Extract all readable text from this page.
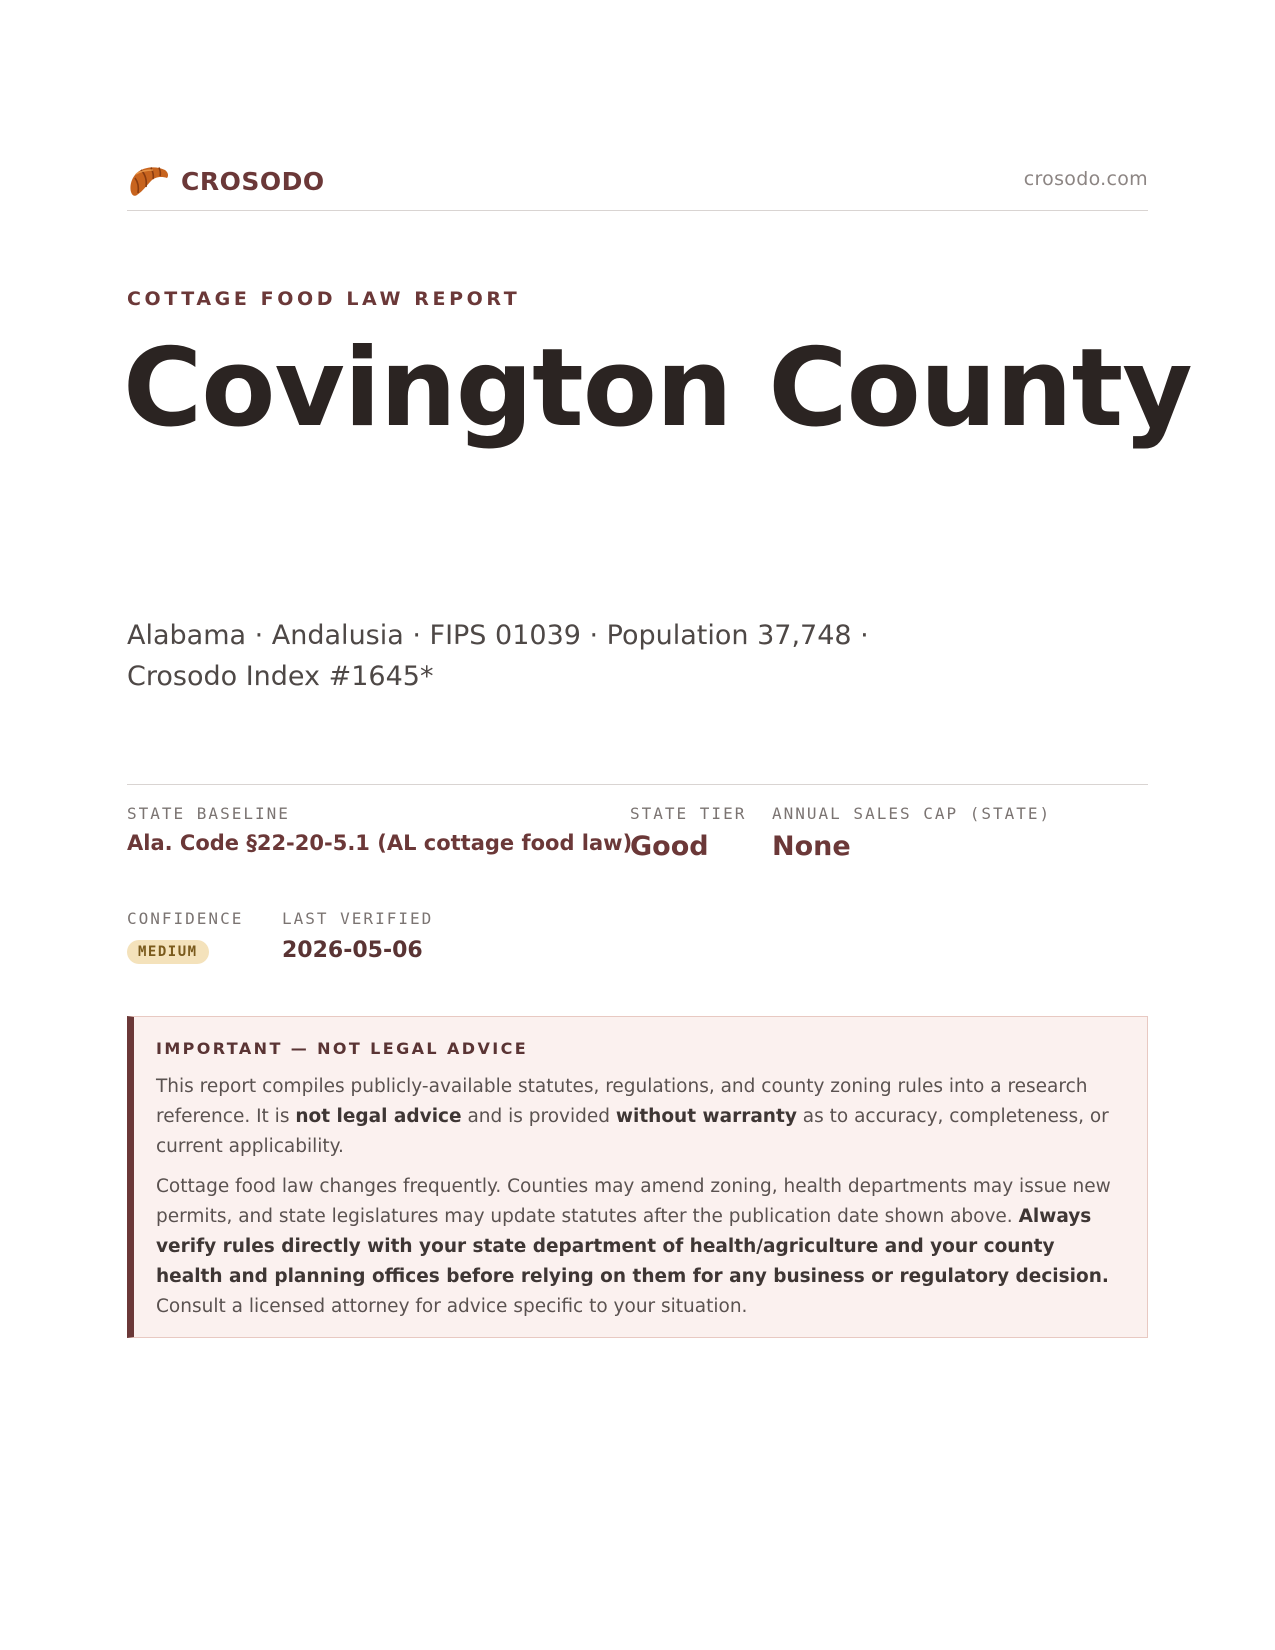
CROSODO	crosodo.com
COTTAGE FOOD LAW REPORT
Covington County
Alabama · Andalusia · FIPS 01039 · Population 37,748 ·
Crosodo Index #1645*
STATE BASELINE
Ala. Code §22-20-5.1 (AL cottage food law)
STATE TIER
Good
ANNUAL SALES CAP (STATE)
None
CONFIDENCE
MEDIUM
LAST VERIFIED
2026-05-06
IMPORTANT — NOT LEGAL ADVICE

This report compiles publicly-available statutes, regulations, and county zoning rules into a research reference. It is not legal advice and is provided without warranty as to accuracy, completeness, or current applicability.

Cottage food law changes frequently. Counties may amend zoning, health departments may issue new permits, and state legislatures may update statutes after the publication date shown above. Always verify rules directly with your state department of health/agriculture and your county health and planning offices before relying on them for any business or regulatory decision. Consult a licensed attorney for advice specific to your situation.
